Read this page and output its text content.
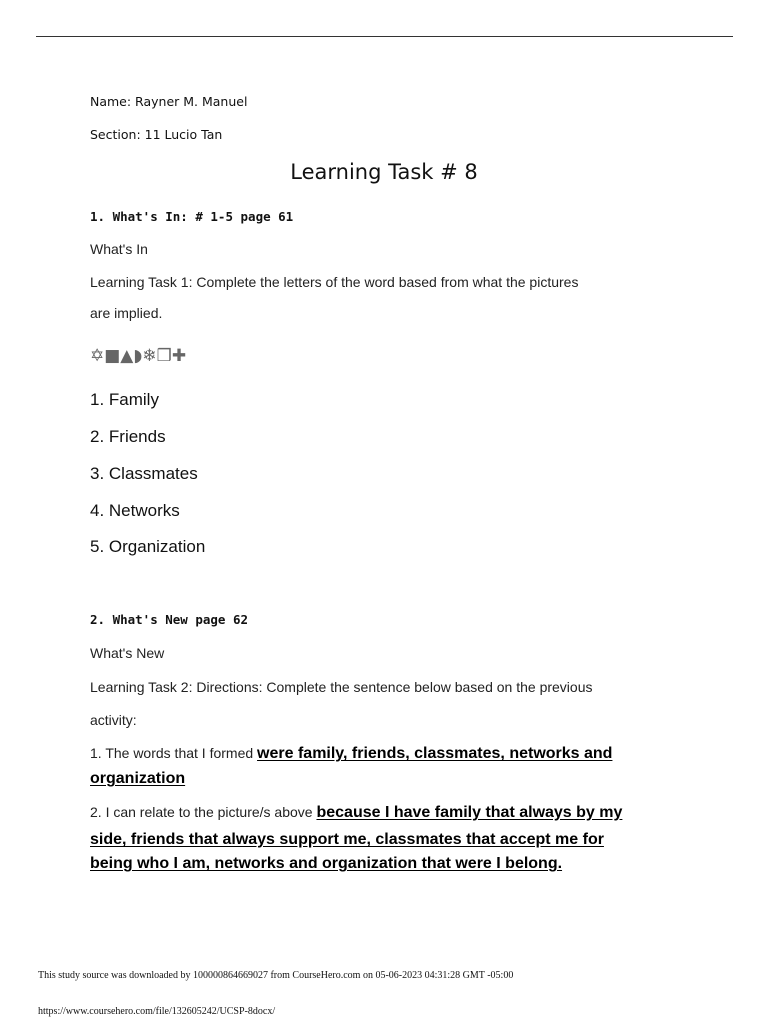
Name: Rayner M. Manuel
Section: 11 Lucio Tan
Learning Task # 8
1. What's In: # 1-5 page 61
What's In
Learning Task 1: Complete the letters of the word based from what the pictures
are implied.
✡■▲◗❄❒✚
1. Family
2. Friends
3. Classmates
4. Networks
5. Organization
2. What's New page 62
What's New
Learning Task 2: Directions: Complete the sentence below based on the previous
activity:
1. The words that I formed were family, friends, classmates, networks and
organization
2. I can relate to the picture/s above because I have family that always by my
side, friends that always support me, classmates that accept me for
being who I am, networks and organization that were I belong.
This study source was downloaded by 100000864669027 from CourseHero.com on 05-06-2023 04:31:28 GMT -05:00
https://www.coursehero.com/file/132605242/UCSP-8docx/
